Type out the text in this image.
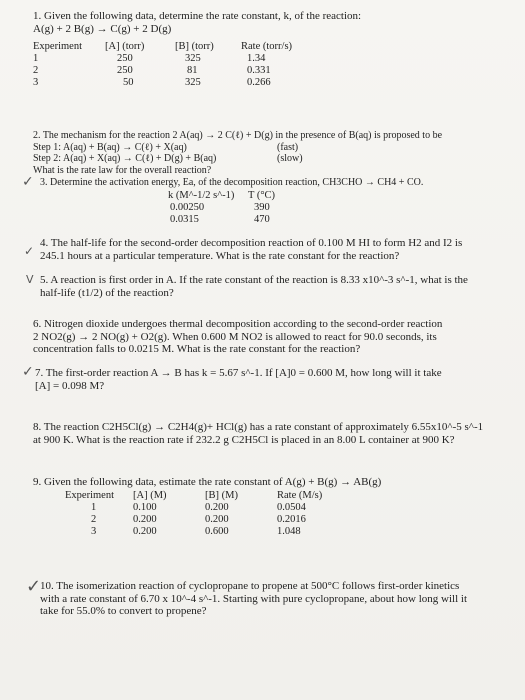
1. Given the following data, determine the rate constant, k, of the reaction:
A(g) + 2 B(g) → C(g) + 2 D(g)
Experiment [A] (torr)	[B] (torr)	Rate (torr/s)
1	250	325	1.34
2	250	81	0.331
3	50	325	0.266
2. The mechanism for the reaction 2 A(aq) → 2 C(ℓ) + D(g) in the presence of B(aq) is proposed to be
Step 1: A(aq) + B(aq) → C(ℓ) + X(aq)	(fast)
Step 2: A(aq) + X(aq) → C(ℓ) + D(g) + B(aq)	(slow)
What is the rate law for the overall reaction?
✓ 3. Determine the activation energy, Ea, of the decomposition reaction, CH3CHO → CH4 + CO.
k (M^-1/2 s^-1) T (°C)
0.00250	390
0.0315	470
✓
4. The half-life for the second-order decomposition reaction of 0.100 M HI to form H2 and I2 is
245.1 hours at a particular temperature. What is the rate constant for the reaction?
V 5. A reaction is first order in A. If the rate constant of the reaction is 8.33 x10^-3 s^-1, what is the
half-life (t1/2) of the reaction?
6. Nitrogen dioxide undergoes thermal decomposition according to the second-order reaction
2 NO2(g) → 2 NO(g) + O2(g). When 0.600 M NO2 is allowed to react for 90.0 seconds, its
concentration falls to 0.0215 M. What is the rate constant for the reaction?
✓ 7. The first-order reaction A → B has k = 5.67 s^-1. If [A]0 = 0.600 M, how long will it take
[A] = 0.098 M?
8. The reaction C2H5Cl(g) → C2H4(g)+ HCl(g) has a rate constant of approximately 6.55x10^-5 s^-1
at 900 K. What is the reaction rate if 232.2 g C2H5Cl is placed in an 8.00 L container at 900 K?
9. Given the following data, estimate the rate constant of A(g) + B(g) → AB(g)
Experiment [A] (M)	[B] (M)	Rate (M/s)
1	0.100	0.200	0.0504
2	0.200	0.200	0.2016
3	0.200	0.600	1.048
✓
10. The isomerization reaction of cyclopropane to propene at 500°C follows first-order kinetics
with a rate constant of 6.70 x 10^-4 s^-1. Starting with pure cyclopropane, about how long will it
take for 55.0% to convert to propene?
